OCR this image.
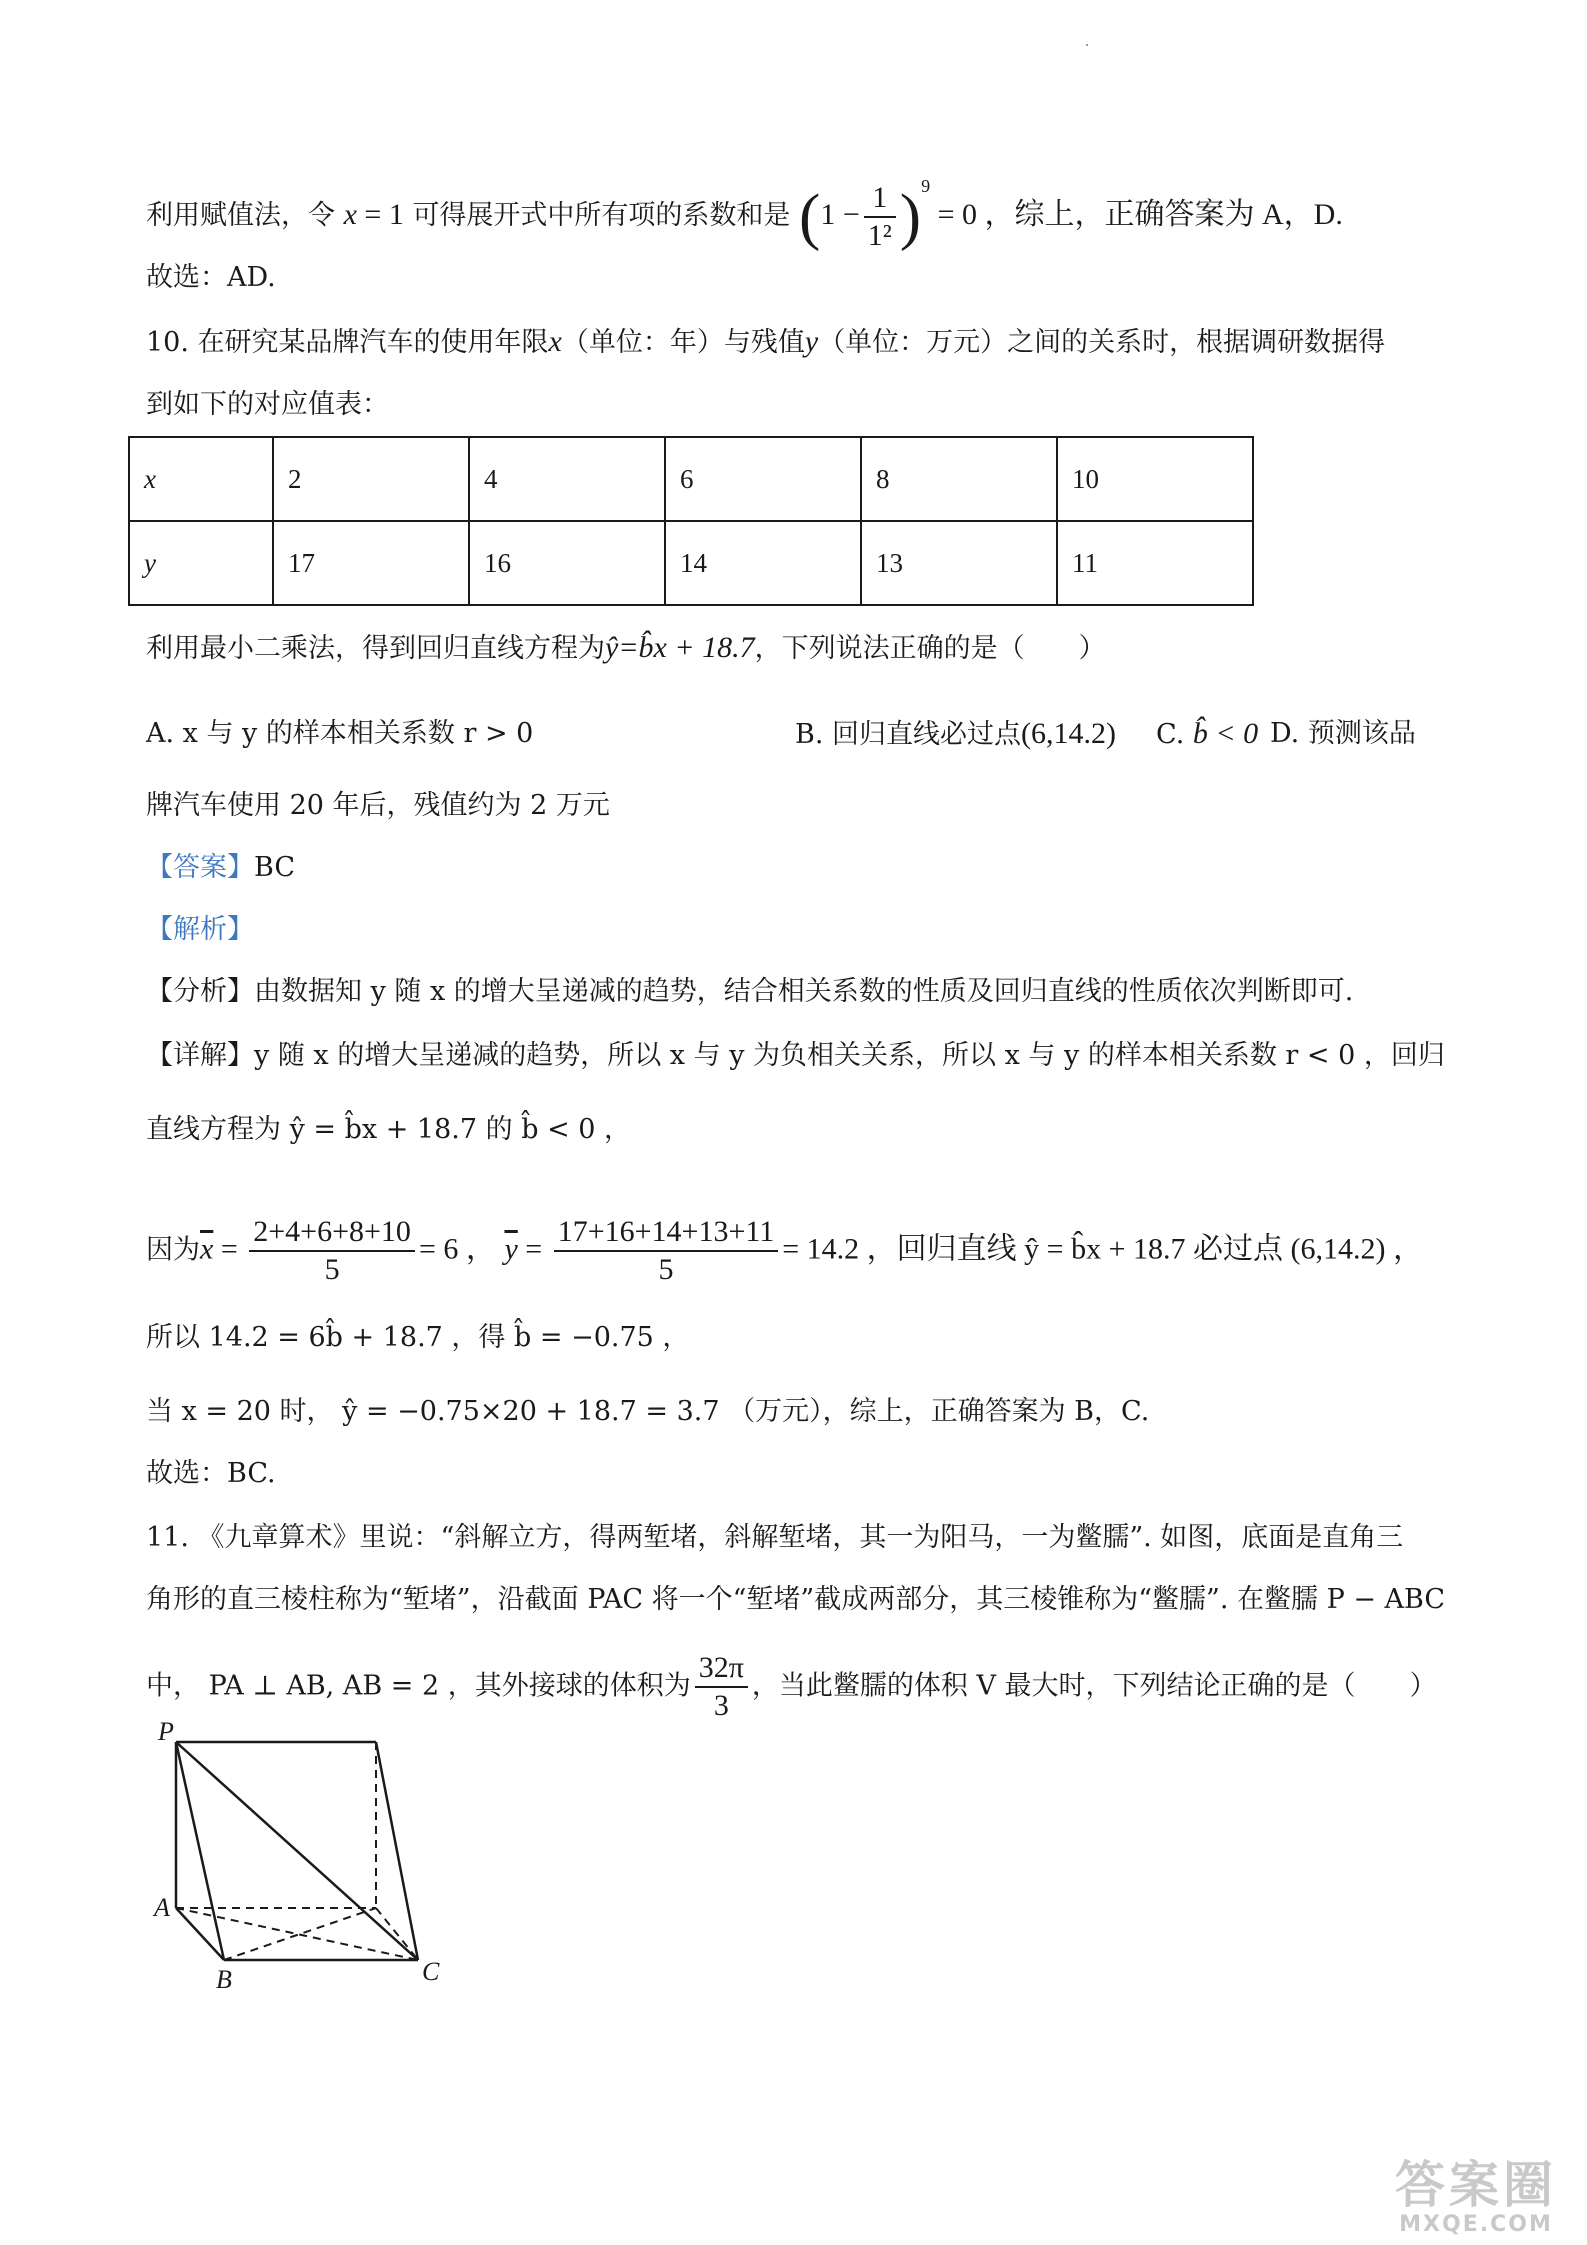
利用赋值法，令 x = 1 可得展开式中所有项的系数和是 $(1 - \frac{1}{\text{1²}} )^9 = 0$ ，综上，正确答案为 A，D.
故选：AD.
10. 在研究某品牌汽车的使用年限x（单位：年）与残值y（单位：万元）之间的关系时，根据调研数据得
到如下的对应值表：
x	2	4	6	8	10
y	17	16	14	13	11
利用最小二乘法，得到回归直线方程为ŷ=b̂x + 18.7，下列说法正确的是（　　）
A. x 与 y 的样本相关系数 r > 0	B. 回归直线必过点(6,14.2) C. b̂ < 0 D. 预测该品
牌汽车使用 20 年后，残值约为 2 万元
【答案】BC
【解析】
【分析】由数据知 y 随 x 的增大呈递减的趋势，结合相关系数的性质及回归直线的性质依次判断即可.
【详解】y 随 x 的增大呈递减的趋势，所以 x 与 y 为负相关关系，所以 x 与 y 的样本相关系数 r < 0 ，回归
直线方程为 ŷ = b̂x + 18.7 的 b̂ < 0 ，
因为$\overline{x} = \frac{2+4+6+8+10}{5} = 6$ ， $\overline{y} = \frac{17+16+14+13+11}{5} = 14.2$ ，回归直线 ŷ = b̂x + 18.7 必过点 (6,14.2) ，
所以 14.2 = 6b̂ + 18.7 ，得 b̂ = −0.75 ，
当 x = 20 时， ŷ = −0.75×20 + 18.7 = 3.7 （万元），综上，正确答案为 B，C.
故选：BC.
11. 《九章算术》里说：“斜解立方，得两堑堵，斜解堑堵，其一为阳马，一为鳖臑”. 如图，底面是直角三
角形的直三棱柱称为“堑堵”，沿截面 PAC 将一个“堑堵”截成两部分，其三棱锥称为“鳖臑”. 在鳖臑 P − ABC
中， PA ⊥ AB, AB = 2 ，其外接球的体积为 $\frac{32\pi}{3}$ ，当此鳖臑的体积 V 最大时，下列结论正确的是（　　）
P
A
B	C
答案圈
MXQE.COM
